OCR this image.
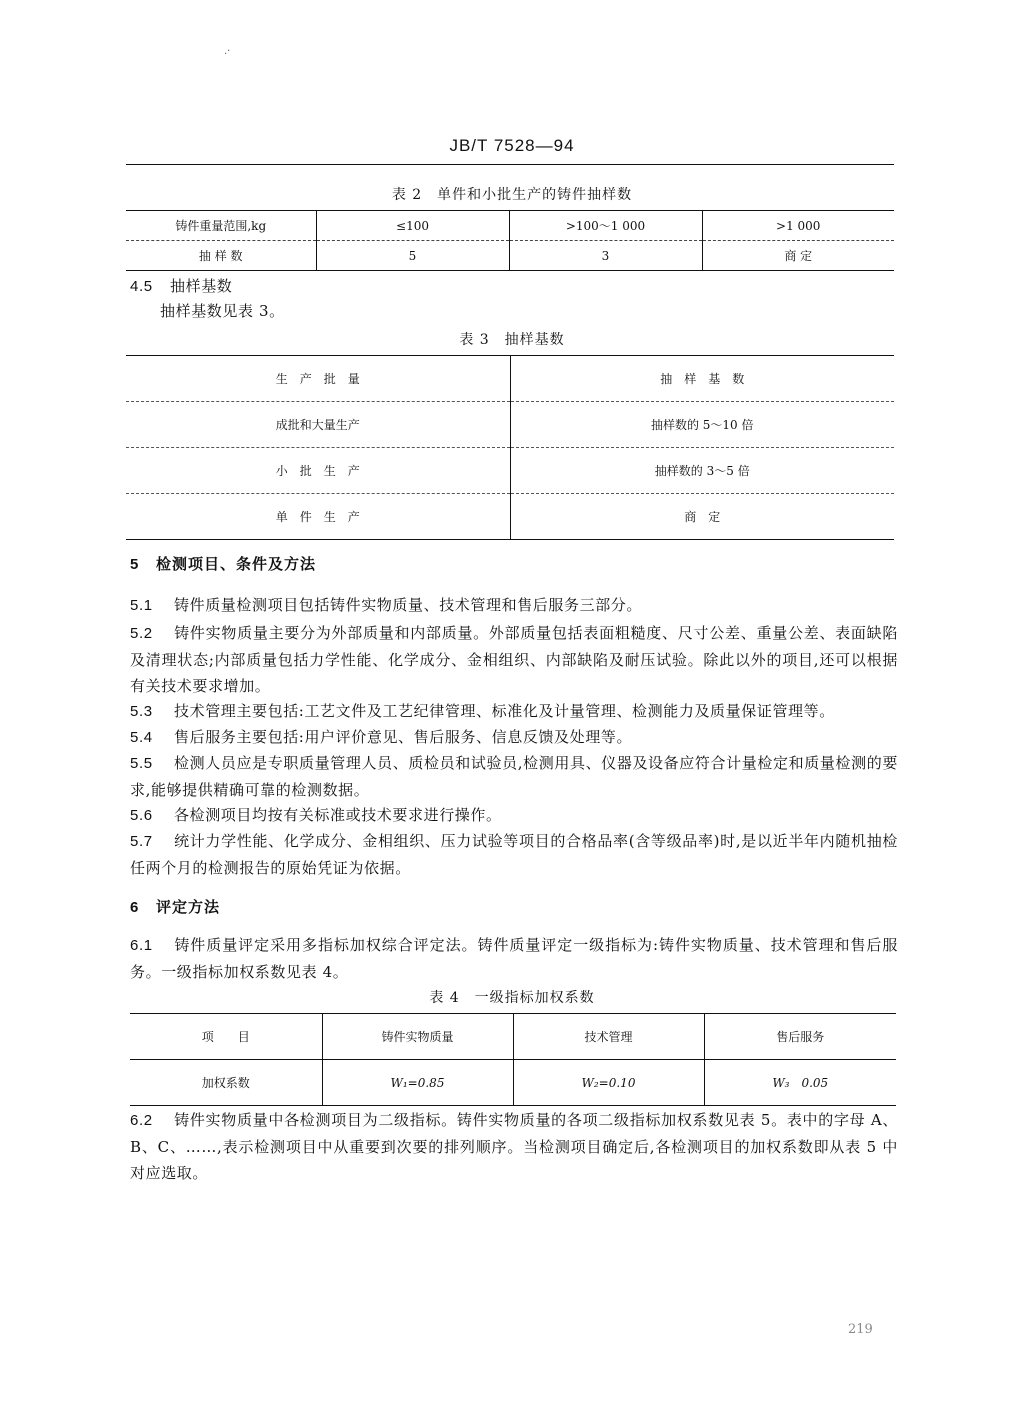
.·
JB/T 7528—94
表 2　单件和小批生产的铸件抽样数
铸件重量范围,kg	≤100	>100～1 000	>1 000
抽 样 数	5	3	商 定
4.5 抽样基数
抽样基数见表 3。
表 3　抽样基数
生　产　批　量	抽　样　基　数
成批和大量生产	抽样数的 5～10 倍
小　批　生　产	抽样数的 3～5 倍
单　件　生　产	商　定
5 检测项目、条件及方法
5.1 铸件质量检测项目包括铸件实物质量、技术管理和售后服务三部分。
5.2 铸件实物质量主要分为外部质量和内部质量。外部质量包括表面粗糙度、尺寸公差、重量公差、表面缺陷及清理状态;内部质量包括力学性能、化学成分、金相组织、内部缺陷及耐压试验。除此以外的项目,还可以根据有关技术要求增加。
5.3 技术管理主要包括:工艺文件及工艺纪律管理、标准化及计量管理、检测能力及质量保证管理等。
5.4 售后服务主要包括:用户评价意见、售后服务、信息反馈及处理等。
5.5 检测人员应是专职质量管理人员、质检员和试验员,检测用具、仪器及设备应符合计量检定和质量检测的要求,能够提供精确可靠的检测数据。
5.6 各检测项目均按有关标准或技术要求进行操作。
5.7 统计力学性能、化学成分、金相组织、压力试验等项目的合格品率(含等级品率)时,是以近半年内随机抽检任两个月的检测报告的原始凭证为依据。
6 评定方法
6.1 铸件质量评定采用多指标加权综合评定法。铸件质量评定一级指标为:铸件实物质量、技术管理和售后服务。一级指标加权系数见表 4。
表 4　一级指标加权系数
项　　目	铸件实物质量	技术管理	售后服务
加权系数	W₁=0.85	W₂=0.10	W₃　0.05
6.2 铸件实物质量中各检测项目为二级指标。铸件实物质量的各项二级指标加权系数见表 5。表中的字母 A、B、C、……,表示检测项目中从重要到次要的排列顺序。当检测项目确定后,各检测项目的加权系数即从表 5 中对应选取。
219
